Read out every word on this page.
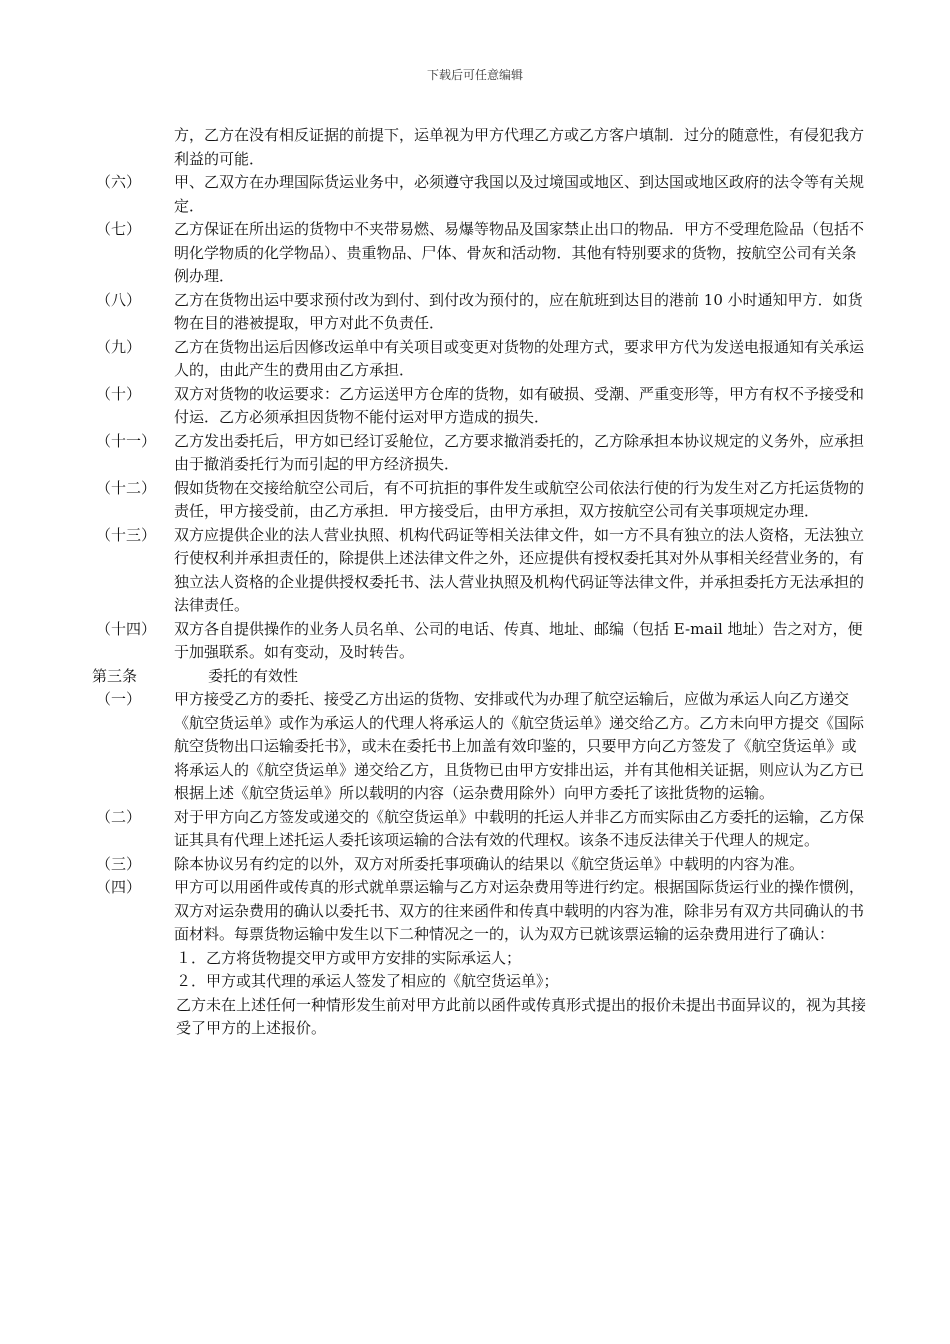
下载后可任意编辑
方，乙方在没有相反证据的前提下，运单视为甲方代理乙方或乙方客户填制．过分的随意性，有侵犯我方利益的可能．
（六） 甲、乙双方在办理国际货运业务中，必须遵守我国以及过境国或地区、到达国或地区政府的法令等有关规定．
（七） 乙方保证在所出运的货物中不夹带易燃、易爆等物品及国家禁止出口的物品．甲方不受理危险品（包括不明化学物质的化学物品）、贵重物品、尸体、骨灰和活动物．其他有特别要求的货物，按航空公司有关条例办理．
（八） 乙方在货物出运中要求预付改为到付、到付改为预付的，应在航班到达目的港前 10 小时通知甲方．如货物在目的港被提取，甲方对此不负责任．
（九） 乙方在货物出运后因修改运单中有关项目或变更对货物的处理方式，要求甲方代为发送电报通知有关承运人的，由此产生的费用由乙方承担．
（十） 双方对货物的收运要求：乙方运送甲方仓库的货物，如有破损、受潮、严重变形等，甲方有权不予接受和付运．乙方必须承担因货物不能付运对甲方造成的损失．
（十一） 乙方发出委托后，甲方如已经订妥舱位，乙方要求撤消委托的，乙方除承担本协议规定的义务外，应承担由于撤消委托行为而引起的甲方经济损失．
（十二） 假如货物在交接给航空公司后，有不可抗拒的事件发生或航空公司依法行使的行为发生对乙方托运货物的责任，甲方接受前，由乙方承担．甲方接受后，由甲方承担，双方按航空公司有关事项规定办理．
（十三） 双方应提供企业的法人营业执照、机构代码证等相关法律文件，如一方不具有独立的法人资格，无法独立行使权利并承担责任的，除提供上述法律文件之外，还应提供有授权委托其对外从事相关经营业务的，有独立法人资格的企业提供授权委托书、法人营业执照及机构代码证等法律文件，并承担委托方无法承担的法律责任。
（十四） 双方各自提供操作的业务人员名单、公司的电话、传真、地址、邮编（包括 E-mail 地址）告之对方，便于加强联系。如有变动，及时转告。
第三条	委托的有效性
（一） 甲方接受乙方的委托、接受乙方出运的货物、安排或代为办理了航空运输后，应做为承运人向乙方递交《航空货运单》或作为承运人的代理人将承运人的《航空货运单》递交给乙方。乙方未向甲方提交《国际航空货物出口运输委托书》，或未在委托书上加盖有效印鉴的，只要甲方向乙方签发了《航空货运单》或将承运人的《航空货运单》递交给乙方，且货物已由甲方安排出运，并有其他相关证据，则应认为乙方已根据上述《航空货运单》所以载明的内容（运杂费用除外）向甲方委托了该批货物的运输。
（二） 对于甲方向乙方签发或递交的《航空货运单》中载明的托运人并非乙方而实际由乙方委托的运输，乙方保证其具有代理上述托运人委托该项运输的合法有效的代理权。该条不违反法律关于代理人的规定。
（三） 除本协议另有约定的以外，双方对所委托事项确认的结果以《航空货运单》中载明的内容为准。
（四） 甲方可以用函件或传真的形式就单票运输与乙方对运杂费用等进行约定。根据国际货运行业的操作惯例，双方对运杂费用的确认以委托书、双方的往来函件和传真中载明的内容为准，除非另有双方共同确认的书面材料。每票货物运输中发生以下二种情况之一的，认为双方已就该票运输的运杂费用进行了确认：
１．乙方将货物提交甲方或甲方安排的实际承运人；
２．甲方或其代理的承运人签发了相应的《航空货运单》；
乙方未在上述任何一种情形发生前对甲方此前以函件或传真形式提出的报价未提出书面异议的，视为其接受了甲方的上述报价。
